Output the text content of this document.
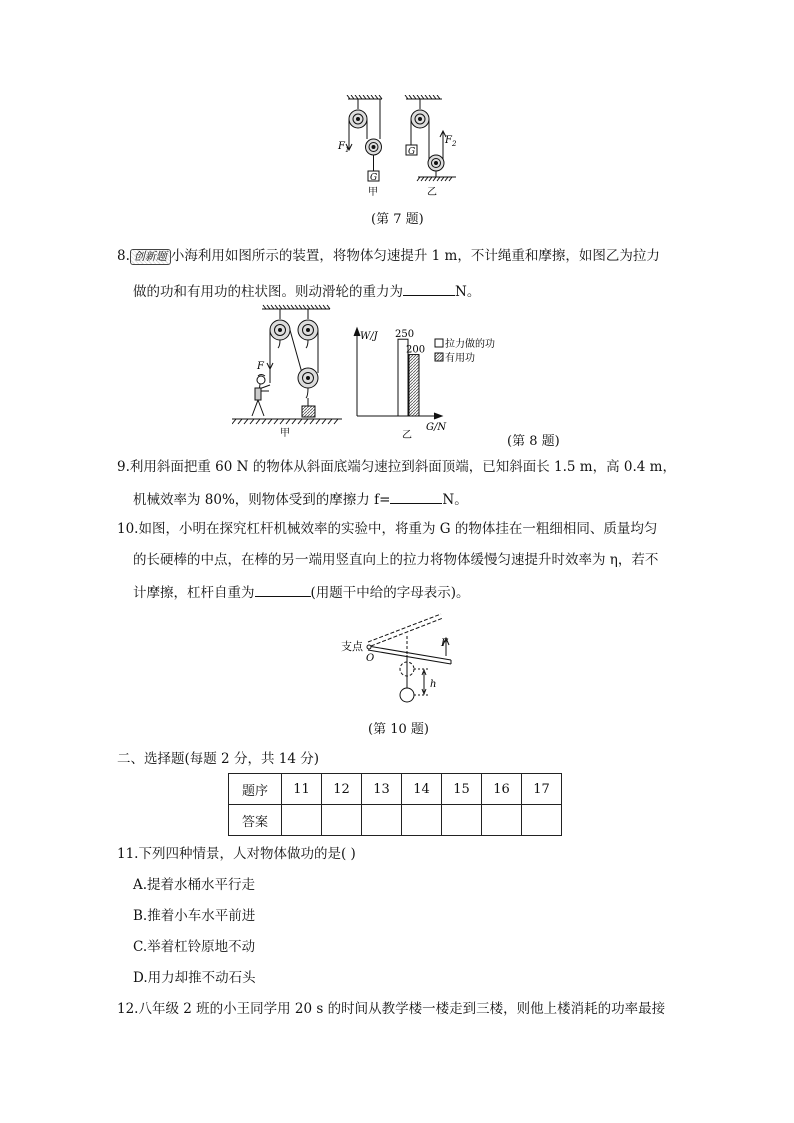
$F_1$
G
甲
G
$F_2$
乙
(第 7 题)
8. 创新题 小海利用如图所示的装置，将物体匀速提升 1 m，不计绳重和摩擦，如图乙为拉力
做的功和有用功的柱状图。则动滑轮的重力为	N。
F
甲
250
200
W/J
G/N
乙
拉力做的功
有用功
(第 8 题)
9.利用斜面把重 60 N 的物体从斜面底端匀速拉到斜面顶端，已知斜面长 1.5 m，高 0.4 m，
机械效率为 80%，则物体受到的摩擦力 f=	N。
10.如图，小明在探究杠杆机械效率的实验中，将重为 G 的物体挂在一粗细相同、质量均匀
的长硬棒的中点，在棒的另一端用竖直向上的拉力将物体缓慢匀速提升时效率为 η，若不
计摩擦，杠杆自重为	(用题干中给的字母表示)。
支点
O
F
h
(第 10 题)
二、选择题(每题 2 分，共 14 分)
题序	11	12	13	14	15	16	17
答案							
11.下列四种情景，人对物体做功的是( )
A.提着水桶水平行走
B.推着小车水平前进
C.举着杠铃原地不动
D.用力却推不动石头
12.八年级 2 班的小王同学用 20 s 的时间从教学楼一楼走到三楼，则他上楼消耗的功率最接
